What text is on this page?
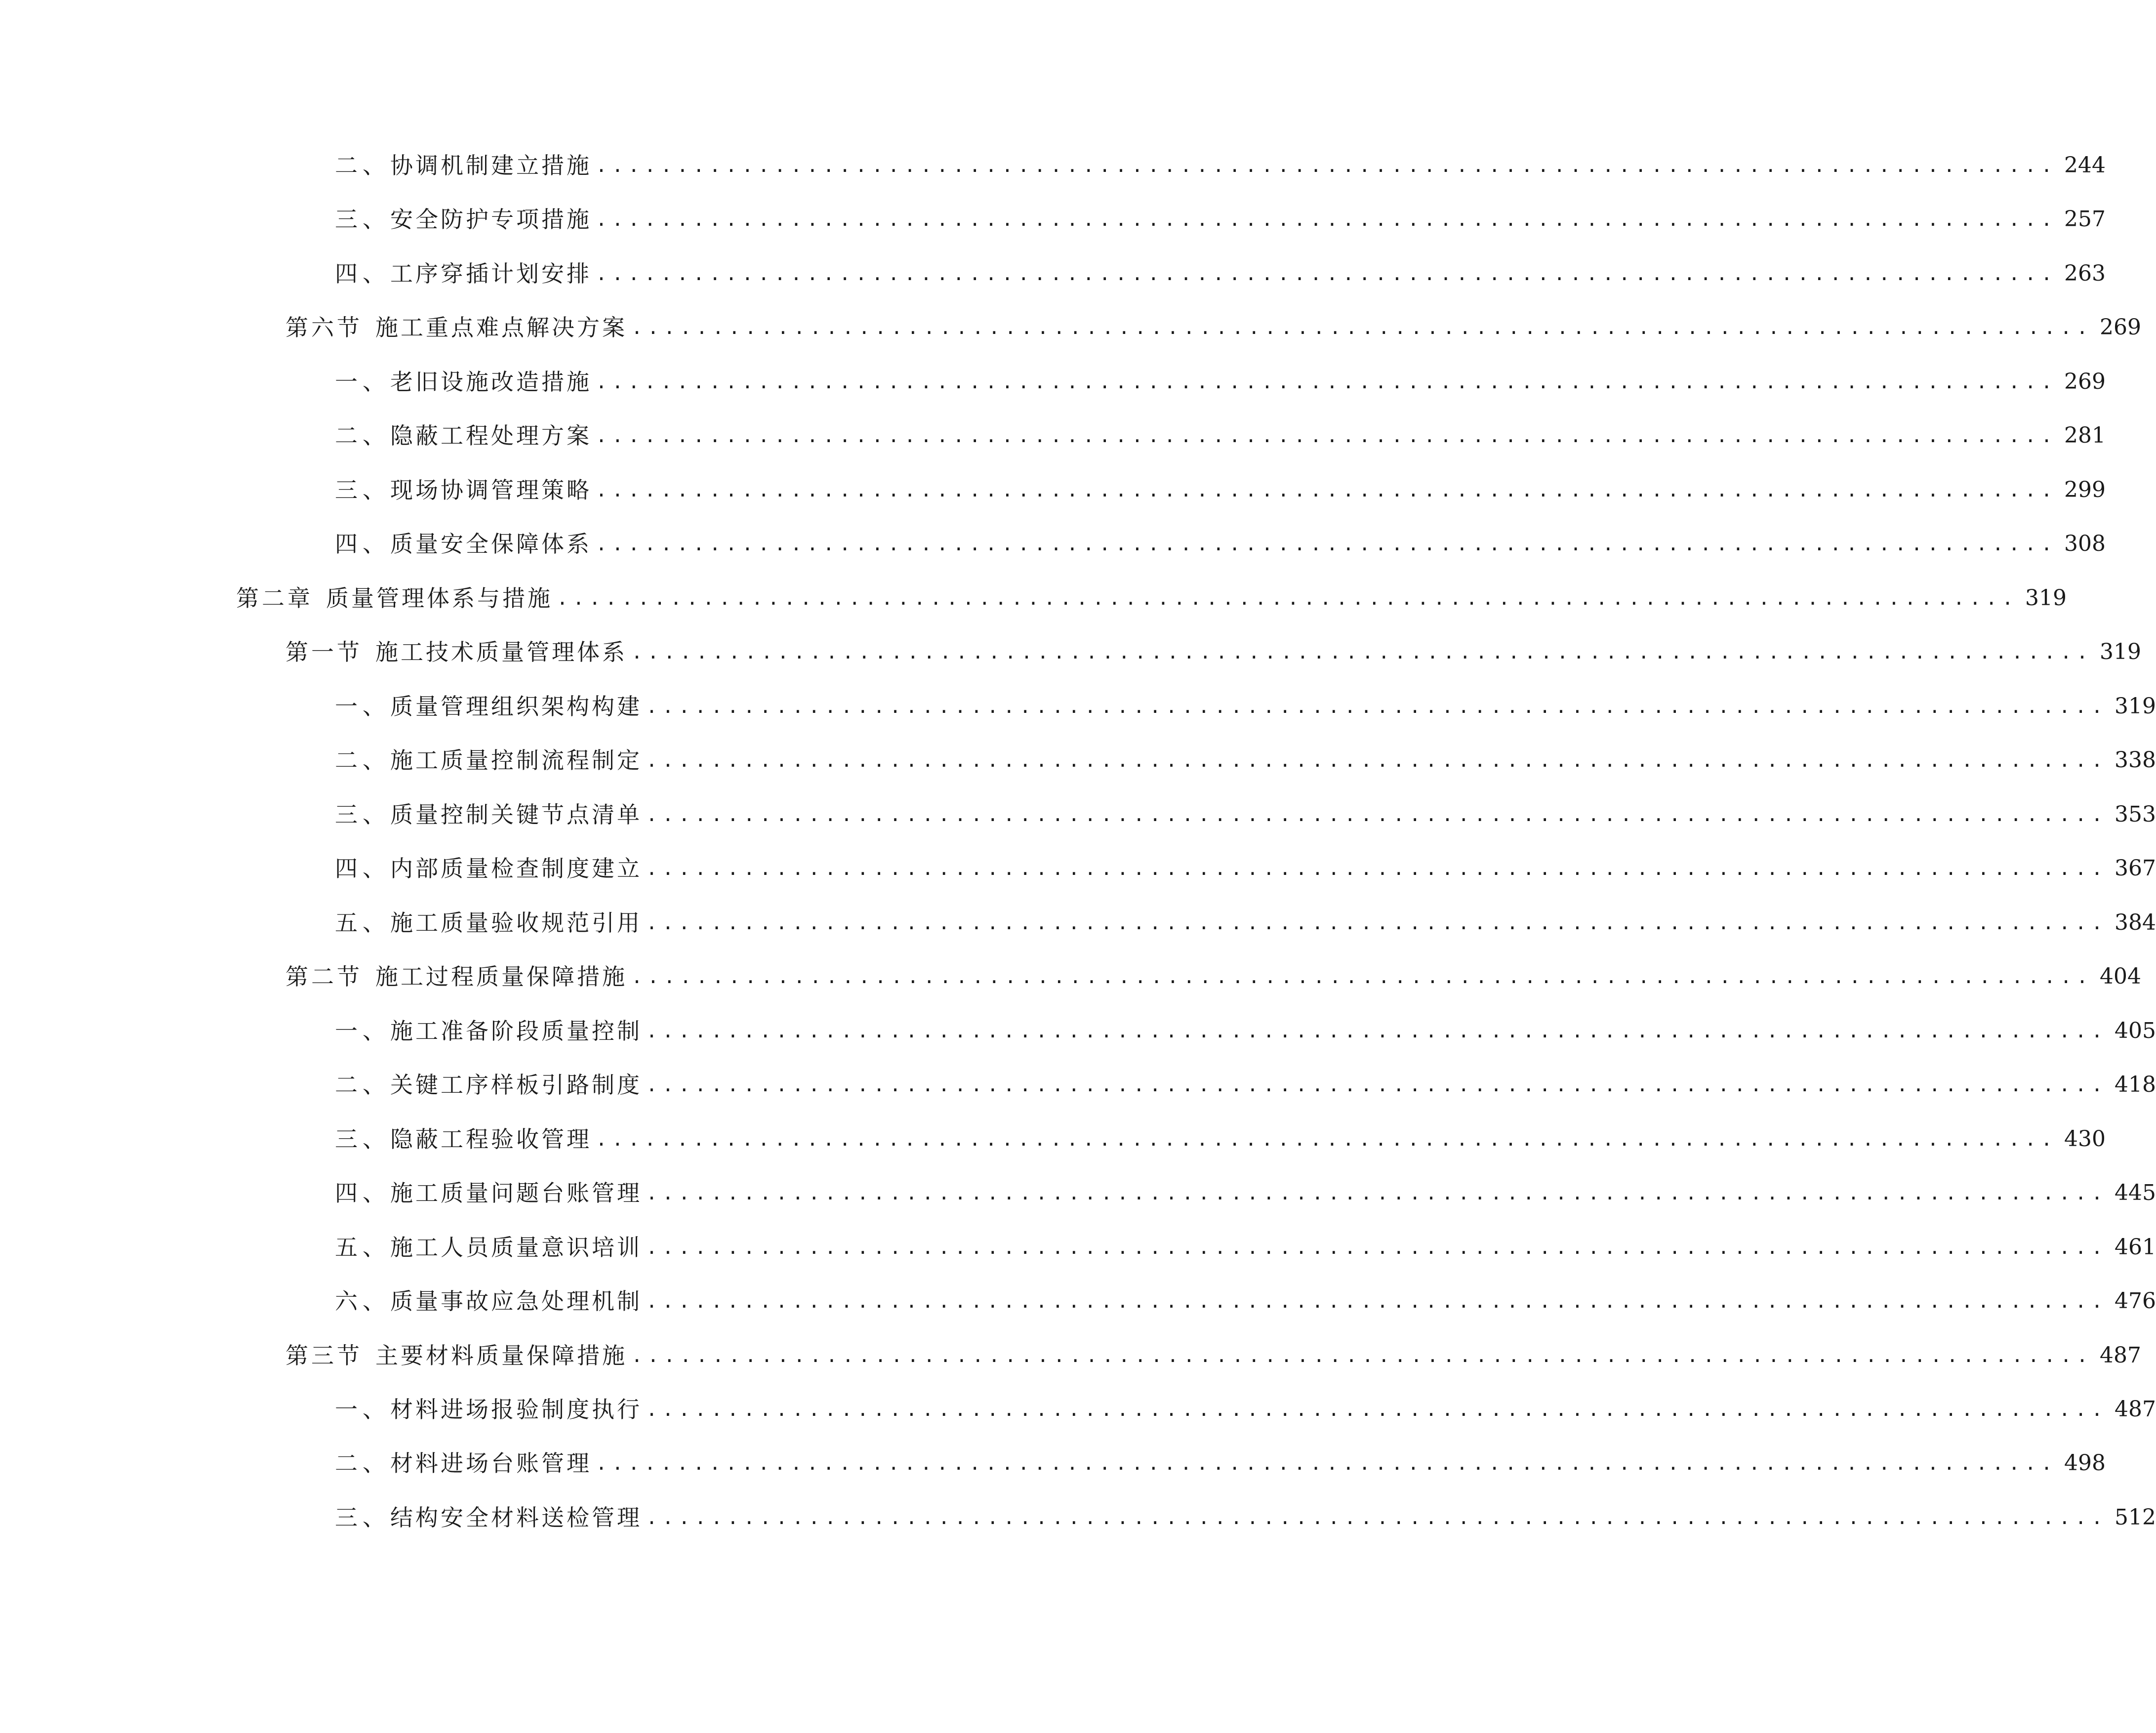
二、 协调机制建立措施 .......................................................................................... 244
三、 安全防护专项措施 .......................................................................................... 257
四、 工序穿插计划安排 .......................................................................................... 263
第六节 施工重点难点解决方案 .......................................................................................... 269
一、 老旧设施改造措施 .......................................................................................... 269
二、 隐蔽工程处理方案 .......................................................................................... 281
三、 现场协调管理策略 .......................................................................................... 299
四、 质量安全保障体系 .......................................................................................... 308
第二章 质量管理体系与措施 .......................................................................................... 319
第一节 施工技术质量管理体系 .......................................................................................... 319
一、 质量管理组织架构构建 .......................................................................................... 319
二、 施工质量控制流程制定 .......................................................................................... 338
三、 质量控制关键节点清单 .......................................................................................... 353
四、 内部质量检查制度建立 .......................................................................................... 367
五、 施工质量验收规范引用 .......................................................................................... 384
第二节 施工过程质量保障措施 .......................................................................................... 404
一、 施工准备阶段质量控制 .......................................................................................... 405
二、 关键工序样板引路制度 .......................................................................................... 418
三、 隐蔽工程验收管理 .......................................................................................... 430
四、 施工质量问题台账管理 .......................................................................................... 445
五、 施工人员质量意识培训 .......................................................................................... 461
六、 质量事故应急处理机制 .......................................................................................... 476
第三节 主要材料质量保障措施 .......................................................................................... 487
一、 材料进场报验制度执行 .......................................................................................... 487
二、 材料进场台账管理 .......................................................................................... 498
三、 结构安全材料送检管理 .......................................................................................... 512
